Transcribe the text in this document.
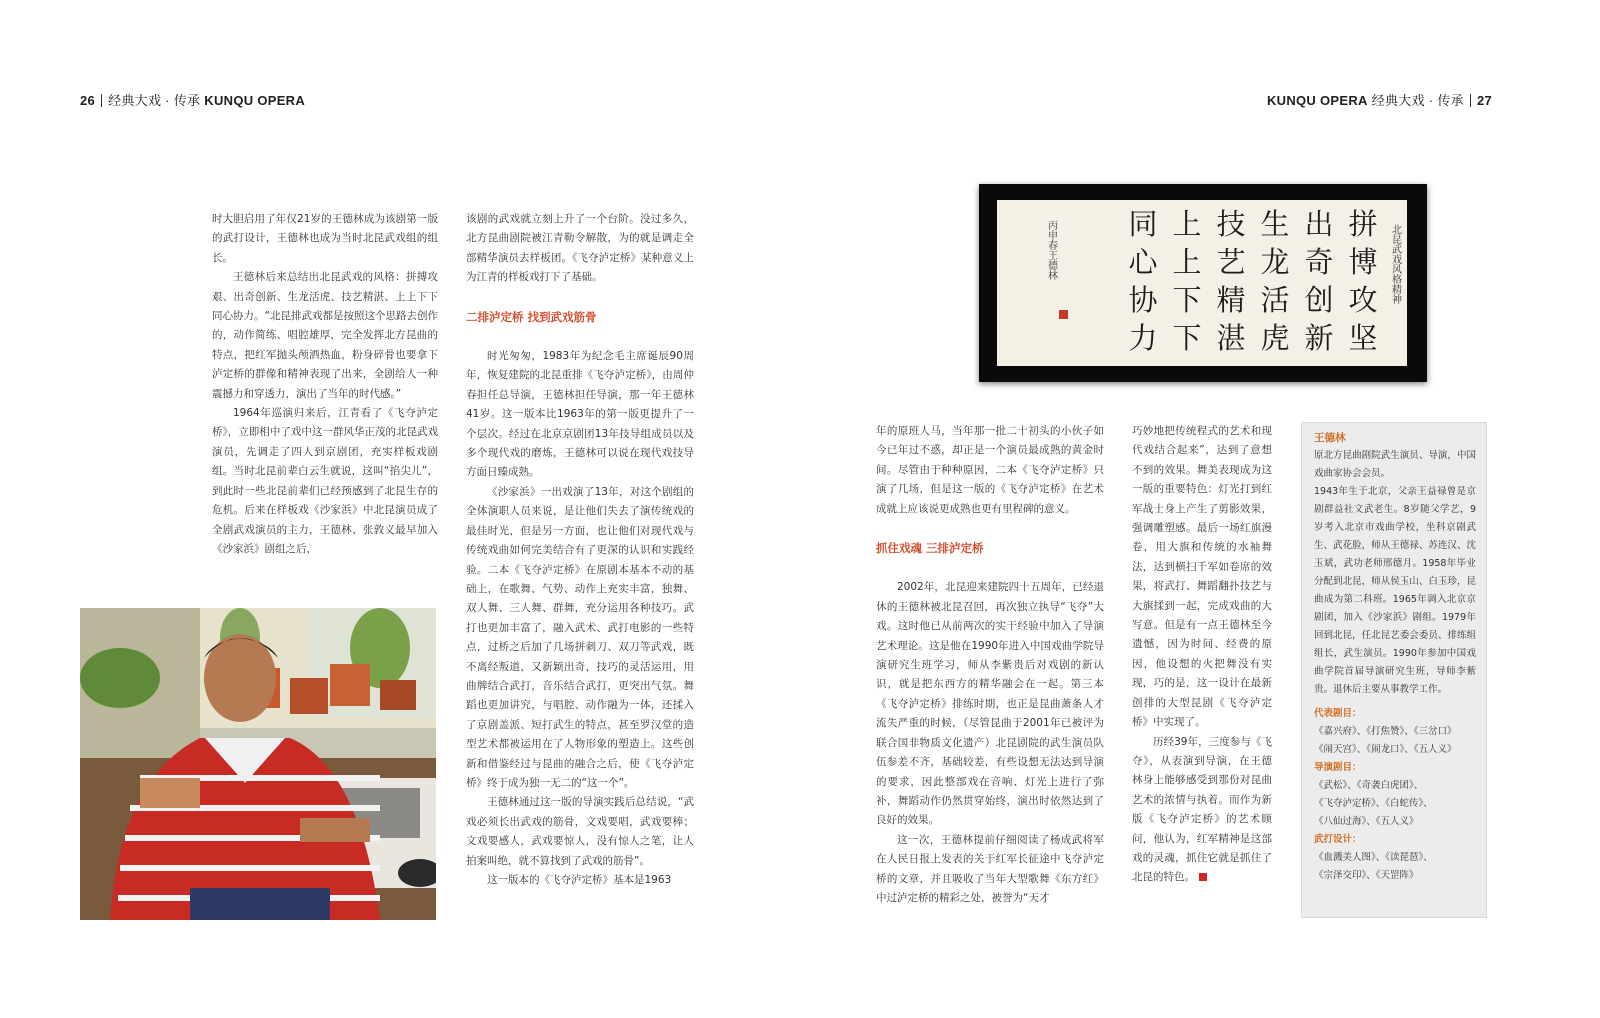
26 经典大戏 · 传承 KUNQU OPERA	KUNQU OPERA 经典大戏 · 传承 27

时大胆启用了年仅21岁的王德林成为该剧第一版的武打设计，王德林也成为当时北昆武戏组的组长。

王德林后来总结出北昆武戏的风格：拼搏攻艰、出奇创新、生龙活虎、技艺精湛、上上下下同心协力。“北昆排武戏都是按照这个思路去创作的，动作简练、唱腔雄厚，完全发挥北方昆曲的特点，把红军抛头颅洒热血，粉身碎骨也要拿下泸定桥的群像和精神表现了出来，全剧给人一种震撼力和穿透力，演出了当年的时代感。”

1964年巡演归来后，江青看了《飞夺泸定桥》，立即相中了戏中这一群风华正茂的北昆武戏演员，先调走了四人到京剧团，充实样板戏剧组。当时北昆前辈白云生就说，这叫“掐尖儿”，到此时一些北昆前辈们已经预感到了北昆生存的危机。后来在样板戏《沙家浜》中北昆演员成了全剧武戏演员的主力，王德林、张敦义最早加入《沙家浜》剧组之后，

该剧的武戏就立刻上升了一个台阶。没过多久，北方昆曲剧院被江青勒令解散，为的就是调走全部精华演员去样板团。《飞夺泸定桥》某种意义上为江青的样板戏打下了基础。

二排泸定桥 找到武戏筋骨

时光匆匆，1983年为纪念毛主席诞辰90周年，恢复建院的北昆重排《飞夺泸定桥》，由周仲春担任总导演，王德林担任导演，那一年王德林41岁。这一版本比1963年的第一版更提升了一个层次。经过在北京京剧团13年技导组成员以及多个现代戏的磨炼，王德林可以说在现代戏技导方面日臻成熟。

《沙家浜》一出戏演了13年，对这个剧组的全体演职人员来说，是让他们失去了演传统戏的最佳时光，但是另一方面，也让他们对现代戏与传统戏曲如何完美结合有了更深的认识和实践经验。二本《飞夺泸定桥》在原剧本基本不动的基础上，在歌舞、气势、动作上充实丰富，独舞、双人舞、三人舞、群舞，充分运用各种技巧。武打也更加丰富了，融入武术、武打电影的一些特点，过桥之后加了几场拼刺刀、双刀等武戏，既不离经叛道，又新颖出奇，技巧的灵活运用，用曲牌结合武打，音乐结合武打，更突出气氛。舞蹈也更加讲究，与唱腔、动作融为一体，还揉入了京剧盖派、短打武生的特点，甚至罗汉堂的造型艺术都被运用在了人物形象的塑造上。这些创新和借鉴经过与昆曲的融合之后，使《飞夺泸定桥》终于成为独一无二的“这一个”。

王德林通过这一版的导演实践后总结说，“武戏必须长出武戏的筋骨，文戏要唱，武戏要棒；文戏要感人，武戏要惊人，没有惊人之笔，让人拍案叫绝，就不算找到了武戏的筋骨”。

这一版本的《飞夺泸定桥》基本是1963

拼
博
攻
坚
出
奇
创
新
生
龙
活
虎
技
艺
精
湛
上
上
下
下
同
心
协
力
北昆武戏风格精神
丙申春王德林

年的原班人马，当年那一批二十初头的小伙子如今已年过不惑，却正是一个演员最成熟的黄金时间。尽管由于种种原因，二本《飞夺泸定桥》只演了几场，但是这一版的《飞夺泸定桥》在艺术成就上应该说更成熟也更有里程碑的意义。

抓住戏魂 三排泸定桥

2002年，北昆迎来建院四十五周年，已经退休的王德林被北昆召回，再次独立执导“飞夺”大戏。这时他已从前两次的实干经验中加入了导演艺术理论。这是他在1990年进入中国戏曲学院导演研究生班学习，师从李紫贵后对戏剧的新认识，就是把东西方的精华融会在一起。第三本《飞夺泸定桥》排练时期，也正是昆曲萧条人才流失严重的时候，（尽管昆曲于2001年已被评为联合国非物质文化遗产）北昆剧院的武生演员队伍参差不齐，基础较差，有些设想无法达到导演的要求，因此整部戏在音响、灯光上进行了弥补，舞蹈动作仍然贯穿始终，演出时依然达到了良好的效果。

这一次，王德林提前仔细阅读了杨成武将军在人民日报上发表的关于红军长征途中飞夺泸定桥的文章，并且吸收了当年大型歌舞《东方红》中过泸定桥的精彩之处，被誉为“天才

巧妙地把传统程式的艺术和现代戏结合起来”，达到了意想不到的效果。舞美表现成为这一版的重要特色：灯光打到红军战士身上产生了剪影效果，强调雕塑感。最后一场红旗漫卷，用大旗和传统的水袖舞法，达到横扫千军如卷席的效果，将武打、舞蹈翻扑技艺与大旗揉到一起，完成戏曲的大写意。但是有一点王德林至今遗憾，因为时间、经费的原因，他设想的火把舞没有实现，巧的是，这一设计在最新创排的大型昆剧《飞夺泸定桥》中实现了。

历经39年，三度参与《飞夺》，从表演到导演，在王德林身上能够感受到那份对昆曲艺术的浓情与执着。而作为新版《飞夺泸定桥》的艺术顾问，他认为，红军精神是这部戏的灵魂，抓住它就是抓住了北昆的特色。

王德林
原北方昆曲剧院武生演员、导演，中国戏曲家协会会员。
1943年生于北京，父亲王益禄曾是京剧群益社文武老生。8岁随父学艺，9岁考入北京市戏曲学校，坐科京剧武生、武花脸，师从王德禄、苏连汉、沈玉斌，武功老师邢德月。1958年毕业分配到北昆，师从侯玉山、白玉珍，昆曲成为第二科班。1965年调入北京京剧团，加入《沙家浜》剧组。1979年回到北昆，任北昆艺委会委员、排练组组长，武生演员。1990年参加中国戏曲学院首届导演研究生班，导师李紫贵。退休后主要从事教学工作。
代表剧目：
《嘉兴府》、《打焦赞》、《三岔口》
《闹天宫》、《闹龙口》、《五人义》
导演剧目：
《武松》、《奇袭白虎团》、
《飞夺泸定桥》、《白蛇传》、
《八仙过海》、《五人义》
武打设计：
《血溅美人图》、《读琵琶》、
《宗泽交印》、《天罡阵》
